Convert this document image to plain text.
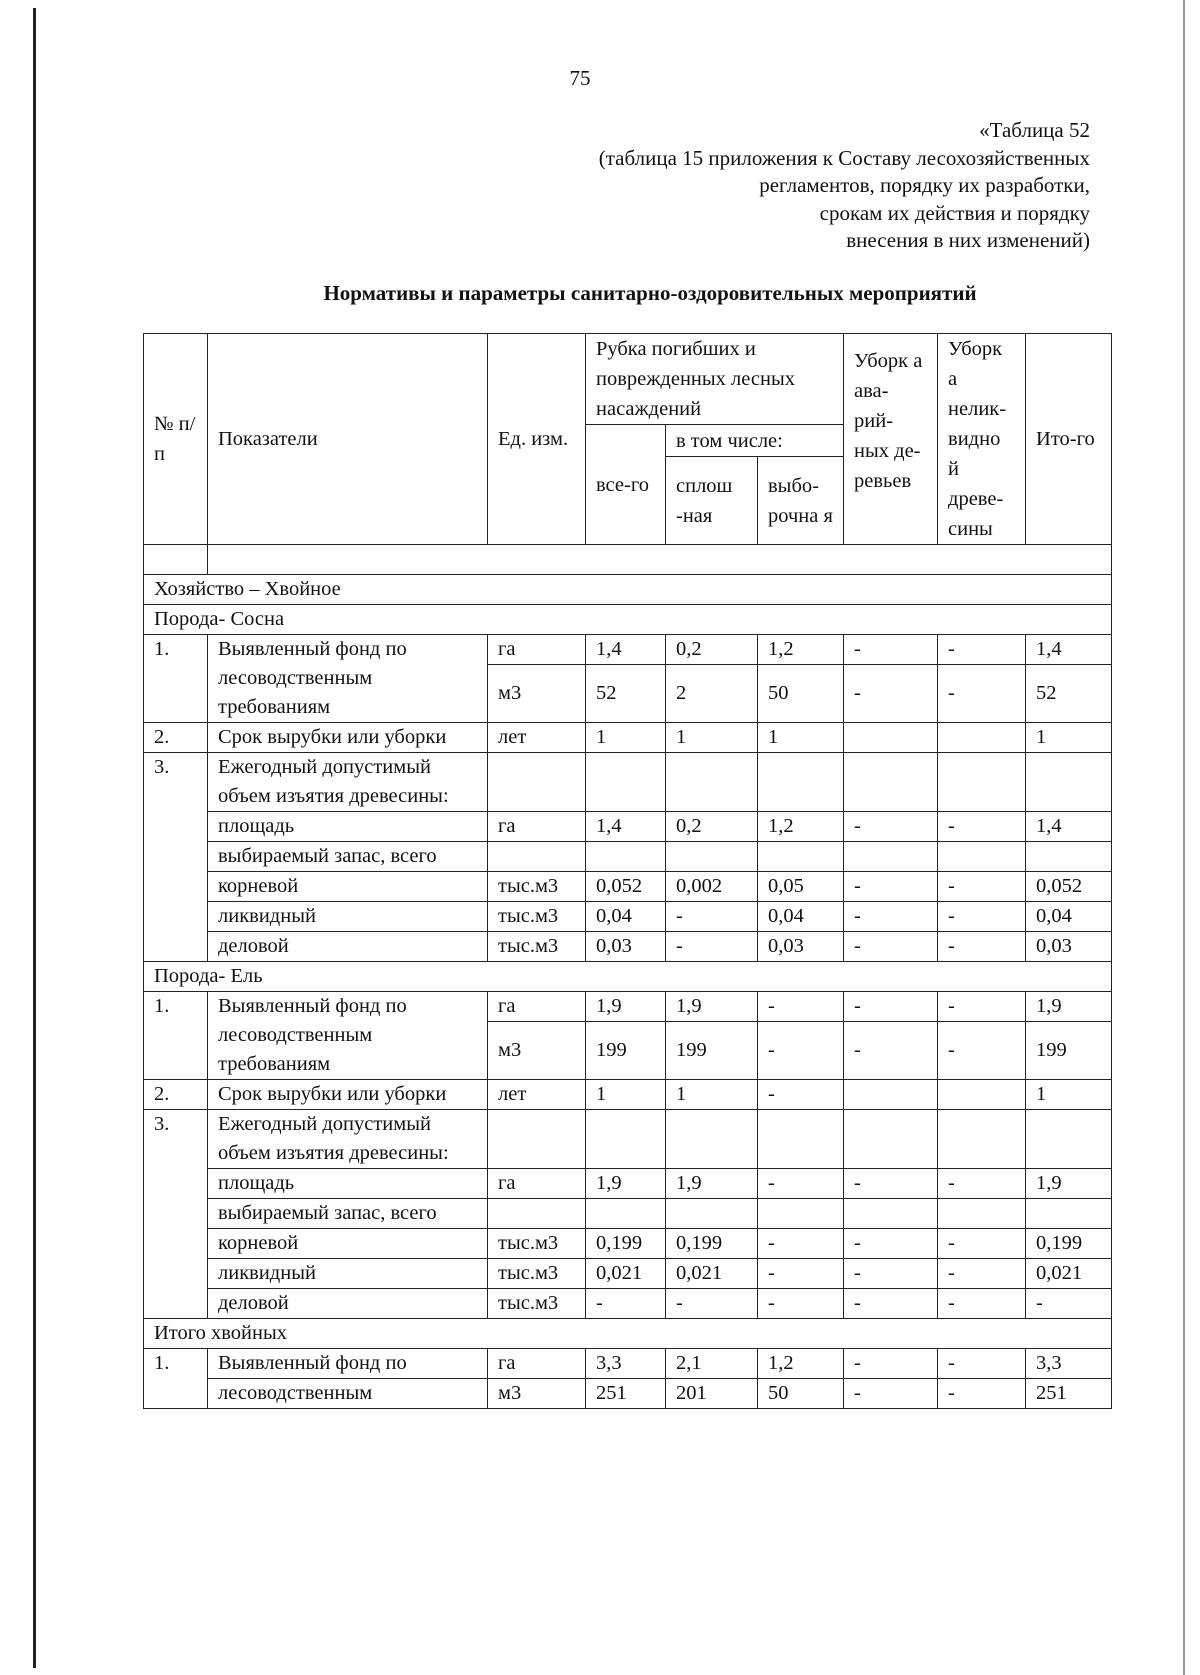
75
«Таблица 52
(таблица 15 приложения к Составу лесохозяйственных
регламентов, порядку их разработки,
срокам их действия и порядку
внесения в них изменений)
Нормативы и параметры санитарно-оздоровительных мероприятий
№ п/п	Показатели	Ед. изм.	Рубка погибших и поврежденных лесных насаждений			Уборк а ава-рий-ных де-ревьев	Уборк а нелик-видно й древе-сины	Ито-го
			все-го	в том числе:				
				сплош -ная	выбо-рочна я			

Хозяйство – Хвойное								
Порода- Сосна								
1.	Выявленный фонд по лесоводственным требованиям	га	1,4	0,2	1,2	-	-	1,4
		м3	52	2	50	-	-	52
2.	Срок вырубки или уборки	лет	1	1	1			1
3.	Ежегодный допустимый объем изъятия древесины:							
	площадь	га	1,4	0,2	1,2	-	-	1,4
	выбираемый запас, всего							
	корневой	тыс.м3	0,052	0,002	0,05	-	-	0,052
	ликвидный	тыс.м3	0,04	-	0,04	-	-	0,04
	деловой	тыс.м3	0,03	-	0,03	-	-	0,03
Порода- Ель								
1.	Выявленный фонд по лесоводственным требованиям	га	1,9	1,9	-	-	-	1,9
		м3	199	199	-	-	-	199
2.	Срок вырубки или уборки	лет	1	1	-			1
3.	Ежегодный допустимый объем изъятия древесины:							
	площадь	га	1,9	1,9	-	-	-	1,9
	выбираемый запас, всего							
	корневой	тыс.м3	0,199	0,199	-	-	-	0,199
	ликвидный	тыс.м3	0,021	0,021	-	-	-	0,021
	деловой	тыс.м3	-	-	-	-	-	-
Итого хвойных								
1.	Выявленный фонд по	га	3,3	2,1	1,2	-	-	3,3
	лесоводственным	м3	251	201	50	-	-	251
